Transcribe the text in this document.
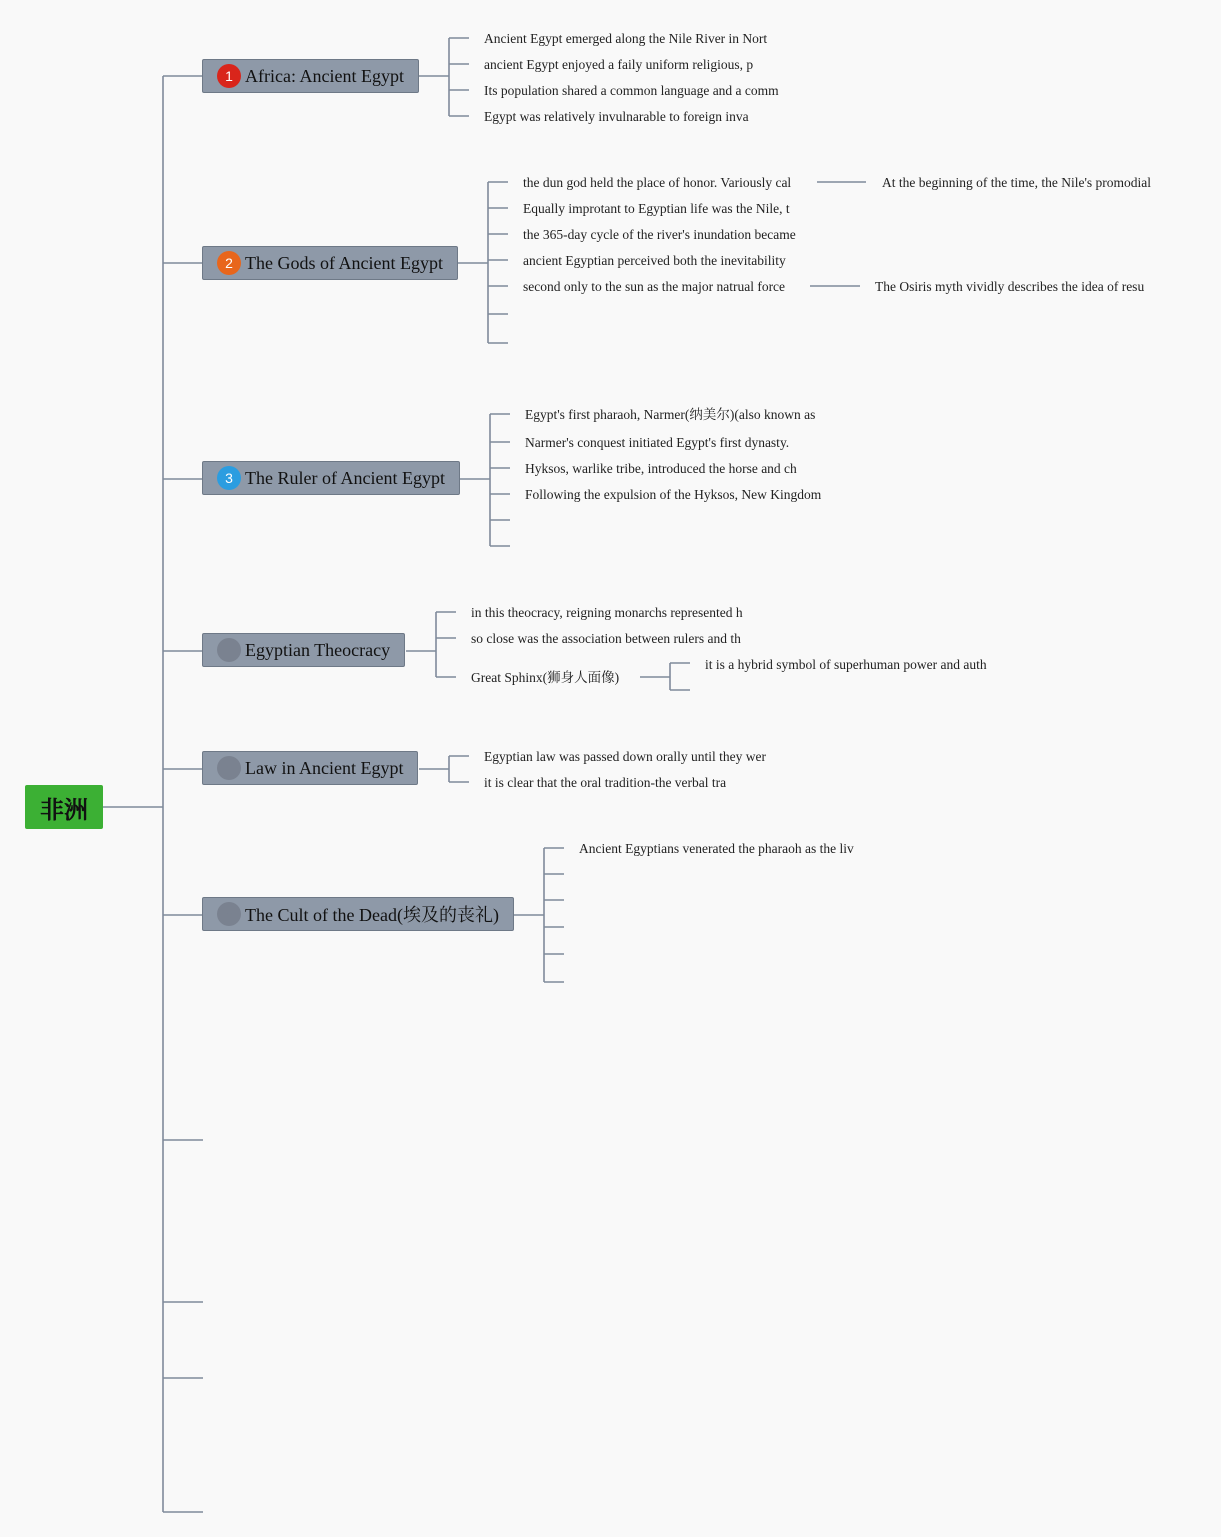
非洲
1 Africa: Ancient Egypt
Ancient Egypt emerged along the Nile River in Nort
ancient Egypt enjoyed a faily uniform religious, p
Its population shared a common language and a comm
Egypt was relatively invulnarable to foreign inva
2 The Gods of Ancient Egypt
the dun god held the place of honor. Variously cal
Equally improtant to Egyptian life was the Nile, t
the 365-day cycle of the river's inundation became
ancient Egyptian perceived both the inevitability
second only to the sun as the major natrual force
At the beginning of the time, the Nile's promodial
The Osiris myth vividly describes the idea of resu
3 The Ruler of Ancient Egypt
Egypt's first pharaoh, Narmer(纳美尔)(also known as
Narmer's conquest initiated Egypt's first dynasty.
Hyksos, warlike tribe, introduced the horse and ch
Following the expulsion of the Hyksos, New Kingdom
4 Egyptian Theocracy
in this theocracy, reigning monarchs represented h
so close was the association between rulers and th
Great Sphinx(狮身人面像)
it is a hybrid symbol of superhuman power and auth
5 Law in Ancient Egypt
Egyptian law was passed down orally until they wer
it is clear that the oral tradition-the verbal tra
6 The Cult of the Dead(埃及的丧礼)
Ancient Egyptians venerated the pharaoh as the liv
